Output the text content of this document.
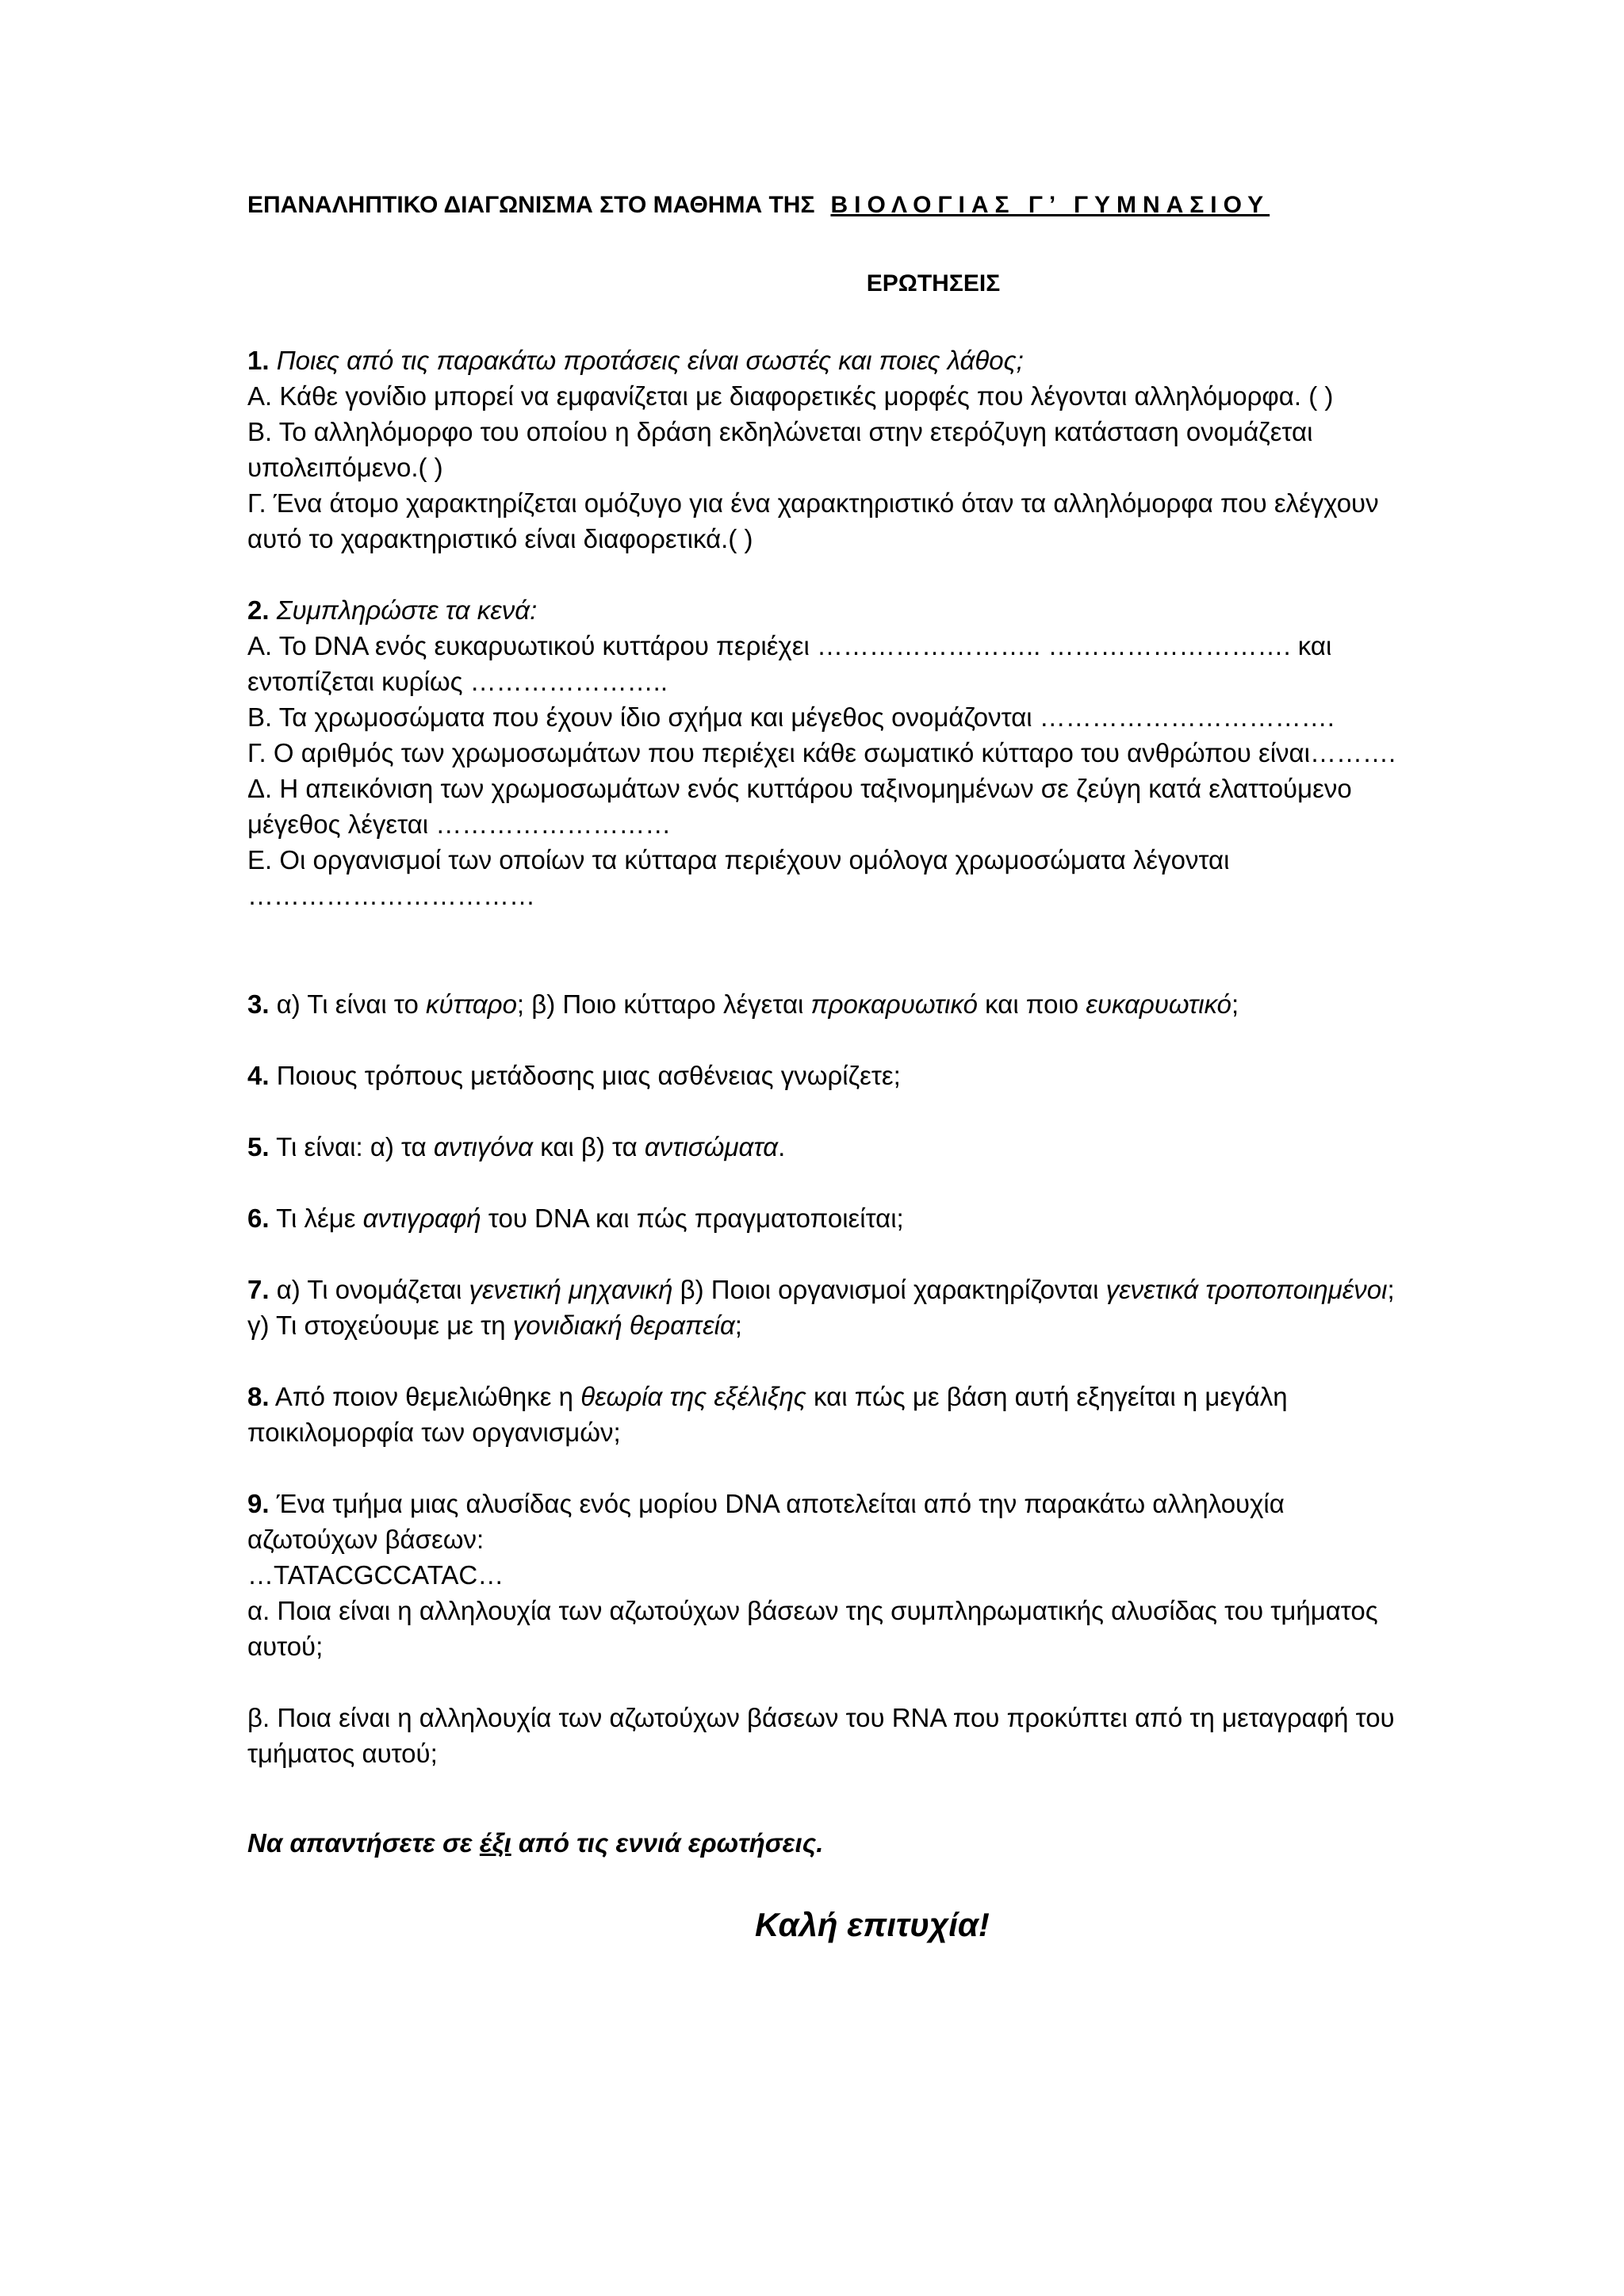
ΕΠΑΝΑΛΗΠΤΙΚΟ ΔΙΑΓΩΝΙΣΜΑ ΣΤΟ ΜΑΘΗΜΑ ΤΗΣ ΒΙΟΛΟΓΙΑΣ Γ’ ΓΥΜΝΑΣΙΟΥ

ΕΡΩΤΗΣΕΙΣ

1. Ποιες από τις παρακάτω προτάσεις είναι σωστές και ποιες λάθος;

Α. Κάθε γονίδιο μπορεί να εμφανίζεται με διαφορετικές μορφές που λέγονται αλληλόμορφα. ( )

Β. Το αλληλόμορφο του οποίου η δράση εκδηλώνεται στην ετερόζυγη κατάσταση ονομάζεται υπολειπόμενο.( )

Γ. Ένα άτομο χαρακτηρίζεται ομόζυγο για ένα χαρακτηριστικό όταν τα αλληλόμορφα που ελέγχουν αυτό το χαρακτηριστικό είναι διαφορετικά.( )

2. Συμπληρώστε τα κενά:

Α. Το DNA ενός ευκαρυωτικού κυττάρου περιέχει …………………….. ………………………. και εντοπίζεται κυρίως …………………..

Β. Τα χρωμοσώματα που έχουν ίδιο σχήμα και μέγεθος ονομάζονται …………………………….

Γ. Ο αριθμός των χρωμοσωμάτων που περιέχει κάθε σωματικό κύτταρο του ανθρώπου είναι……….

Δ. Η απεικόνιση των χρωμοσωμάτων ενός κυττάρου ταξινομημένων σε ζεύγη κατά ελαττούμενο μέγεθος λέγεται ………………………

Ε. Οι οργανισμοί των οποίων τα κύτταρα περιέχουν ομόλογα χρωμοσώματα λέγονται ……………………………

3. α) Τι είναι το κύτταρο; β) Ποιο κύτταρο λέγεται προκαρυωτικό και ποιο ευκαρυωτικό;

4. Ποιους τρόπους μετάδοσης μιας ασθένειας γνωρίζετε;

5. Τι είναι: α) τα αντιγόνα και β) τα αντισώματα.

6. Τι λέμε αντιγραφή του DNA και πώς πραγματοποιείται;

7. α) Τι ονομάζεται γενετική μηχανική β) Ποιοι οργανισμοί χαρακτηρίζονται γενετικά τροποποιημένοι; γ) Τι στοχεύουμε με τη γονιδιακή θεραπεία;

8. Από ποιον θεμελιώθηκε η θεωρία της εξέλιξης και πώς με βάση αυτή εξηγείται η μεγάλη ποικιλομορφία των οργανισμών;

9. Ένα τμήμα μιας αλυσίδας ενός μορίου DNA αποτελείται από την παρακάτω αλληλουχία αζωτούχων βάσεων:

…TATACGCCATAC…

α. Ποια είναι η αλληλουχία των αζωτούχων βάσεων της συμπληρωματικής αλυσίδας του τμήματος αυτού;

β. Ποια είναι η αλληλουχία των αζωτούχων βάσεων του RNA που προκύπτει από τη μεταγραφή του τμήματος αυτού;

Να απαντήσετε σε έξι από τις εννιά ερωτήσεις.

Καλή επιτυχία!
